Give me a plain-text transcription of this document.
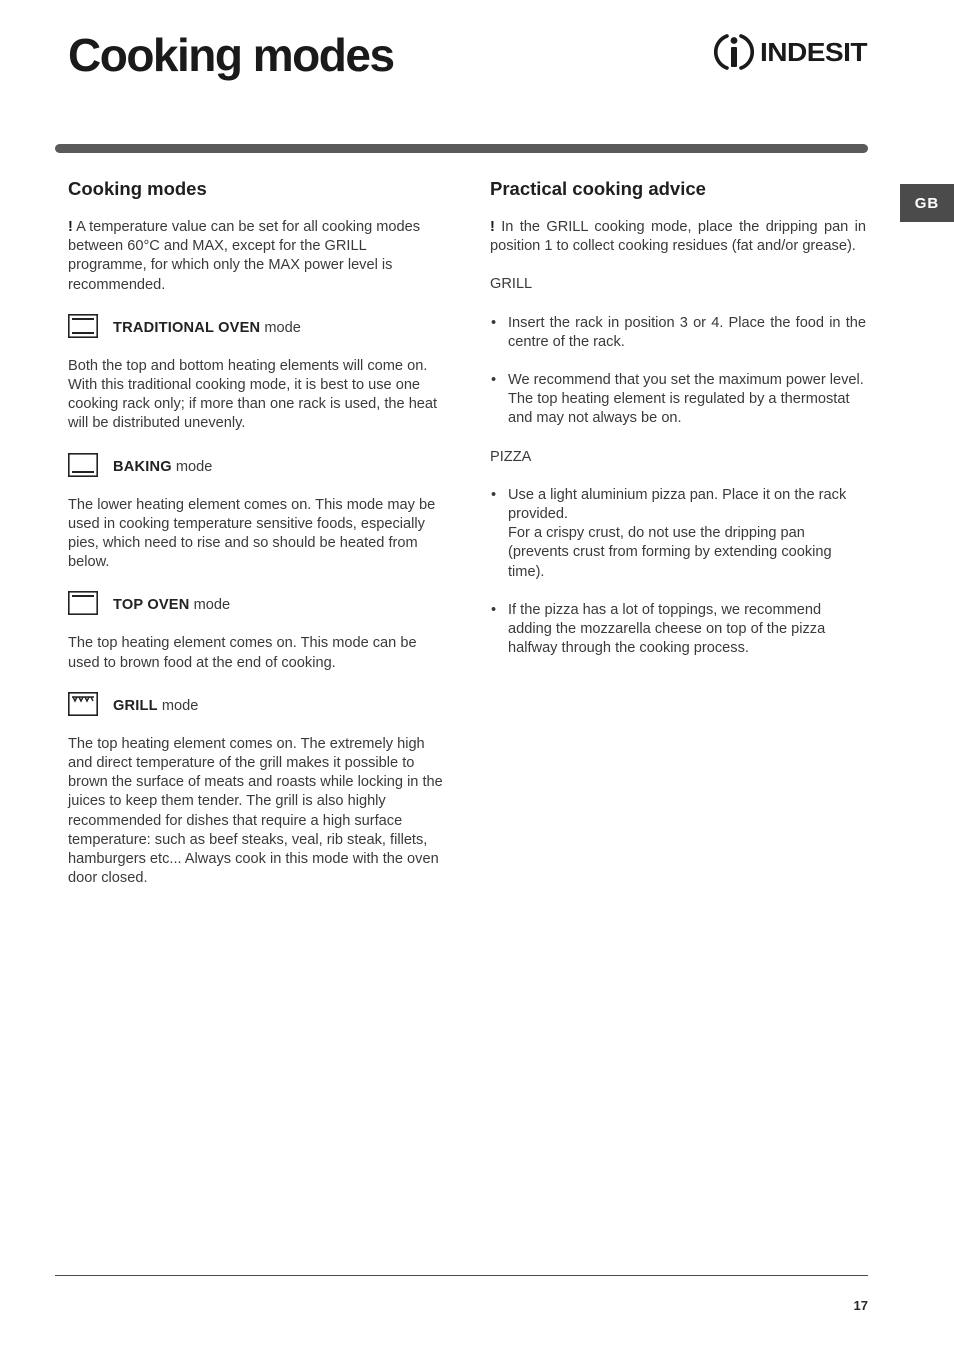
Cooking modes	INDESIT
GB
Cooking modes

! A temperature value can be set for all cooking modes between 60°C and MAX, except for the GRILL programme, for which only the MAX power level is recommended.

TRADITIONAL OVEN mode

Both the top and bottom heating elements will come on. With this traditional cooking mode, it is best to use one cooking rack only; if more than one rack is used, the heat will be distributed unevenly.

BAKING mode

The lower heating element comes on. This mode may be used in cooking temperature sensitive foods, especially pies, which need to rise and so should be heated from below.

TOP OVEN mode

The top heating element comes on. This mode can be used to brown food at the end of cooking.

GRILL mode

The top heating element comes on. The extremely high and direct temperature of the grill makes it possible to brown the surface of meats and roasts while locking in the juices to keep them tender. The grill is also highly recommended for dishes that require a high surface temperature: such as beef steaks, veal, rib steak, fillets, hamburgers etc... Always cook in this mode with the oven door closed.

Practical cooking advice

! In the GRILL cooking mode, place the dripping pan in position 1 to collect cooking residues (fat and/or grease).

GRILL

• Insert the rack in position 3 or 4. Place the food in the centre of the rack.
• We recommend that you set the maximum power level. The top heating element is regulated by a thermostat and may not always be on.

PIZZA

• Use a light aluminium pizza pan. Place it on the rack provided.
For a crispy crust, do not use the dripping pan (prevents crust from forming by extending cooking time).
• If the pizza has a lot of toppings, we recommend adding the mozzarella cheese on top of the pizza halfway through the cooking process.
17
